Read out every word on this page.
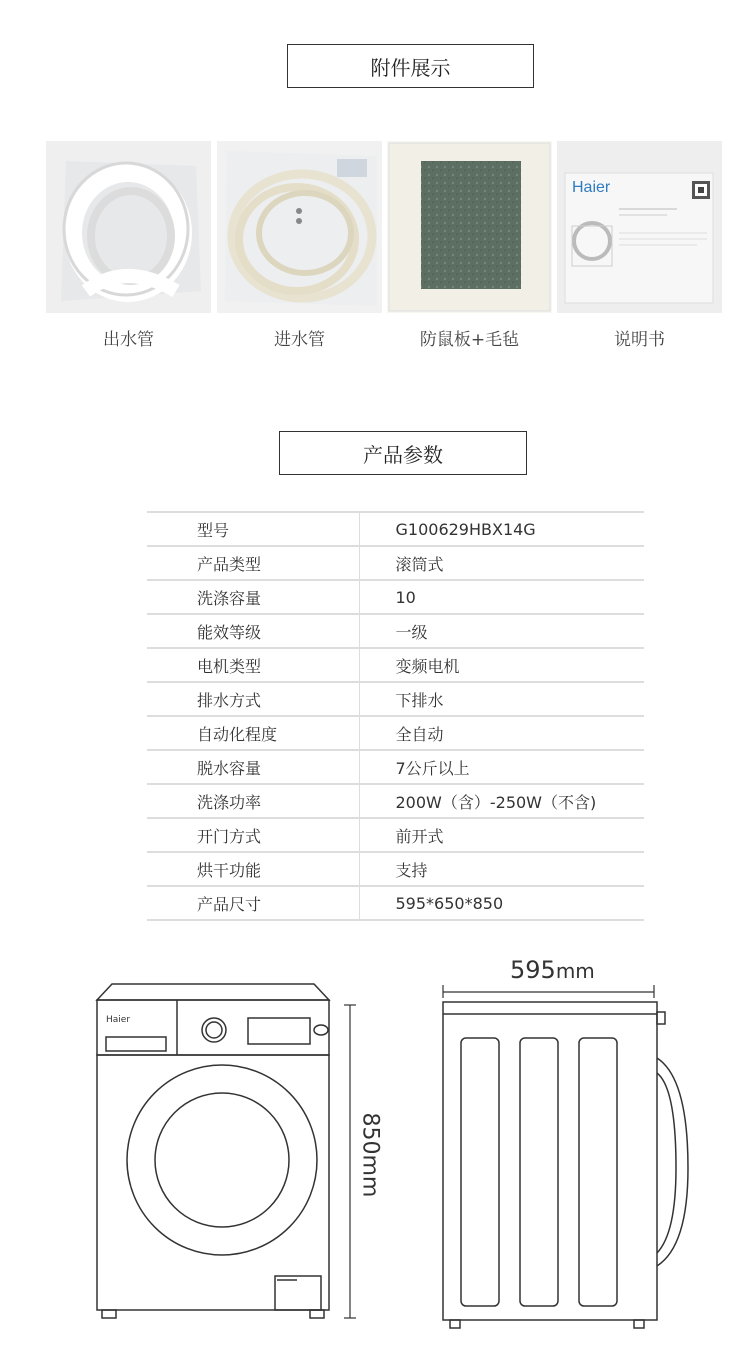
附件展示
出水管	进水管	防鼠板+毛毡
Haier
说明书
产品参数
型号	G100629HBX14G
产品类型	滚筒式
洗涤容量	10
能效等级	一级
电机类型	变频电机
排水方式	下排水
自动化程度	全自动
脱水容量	7公斤以上
洗涤功率	200W（含）-250W（不含)
开门方式	前开式
烘干功能	支持
产品尺寸	595*650*850
Haier
850mm
595mm
